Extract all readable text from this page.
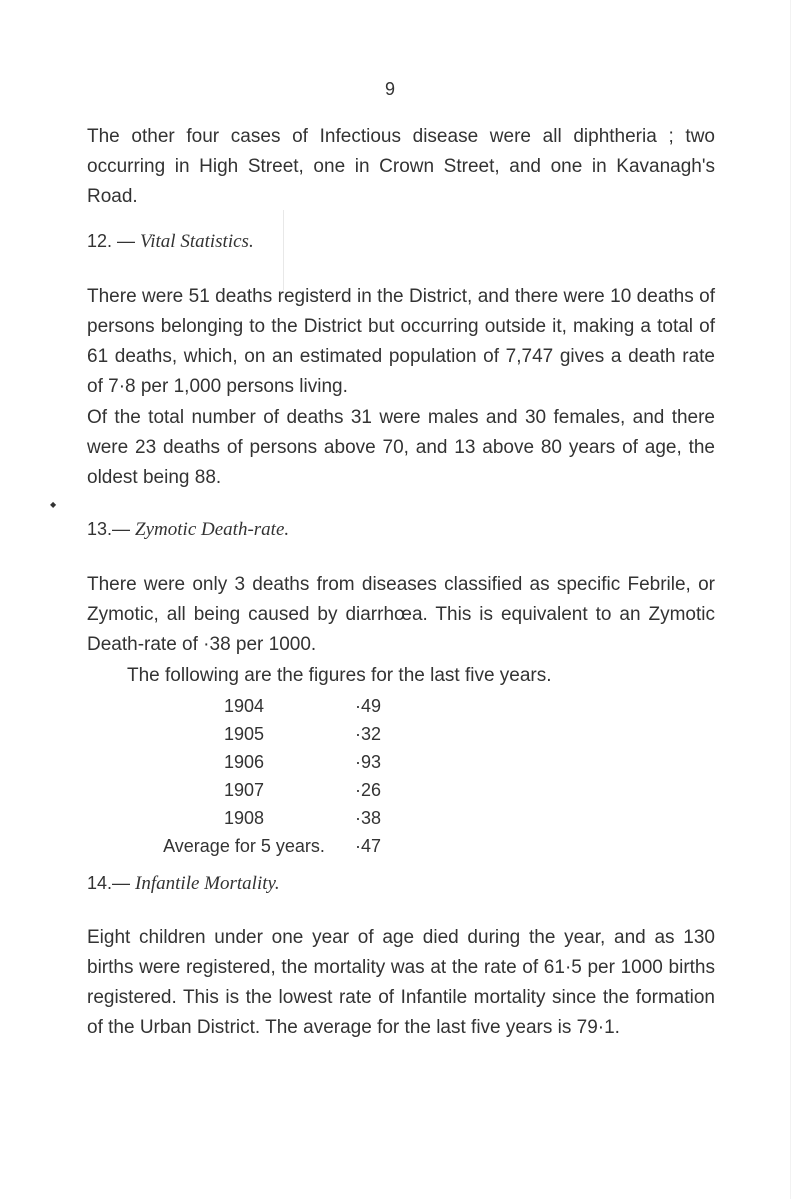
◆
9

The other four cases of Infectious disease were all diphtheria ; two occurring in High Street, one in Crown Street, and one in Kavanagh's Road.

12. — Vital Statistics.

There were 51 deaths registerd in the District, and there were 10 deaths of persons belonging to the District but occurring outside it, making a total of 61 deaths, which, on an estimated population of 7,747 gives a death rate of 7·8 per 1,000 persons living.

Of the total number of deaths 31 were males and 30 females, and there were 23 deaths of persons above 70, and 13 above 80 years of age, the oldest being 88.

13.— Zymotic Death-rate.

There were only 3 deaths from diseases classified as specific Febrile, or Zymotic, all being caused by diarrhœa. This is equivalent to an Zymotic Death-rate of ·38 per 1000.

The following are the figures for the last five years.

1904	·49
1905	·32
1906	·93
1907	·26
1908	·38
Average for 5 years.	·47

14.— Infantile Mortality.

Eight children under one year of age died during the year, and as 130 births were registered, the mortality was at the rate of 61·5 per 1000 births registered. This is the lowest rate of Infantile mortality since the formation of the Urban District. The average for the last five years is 79·1.
